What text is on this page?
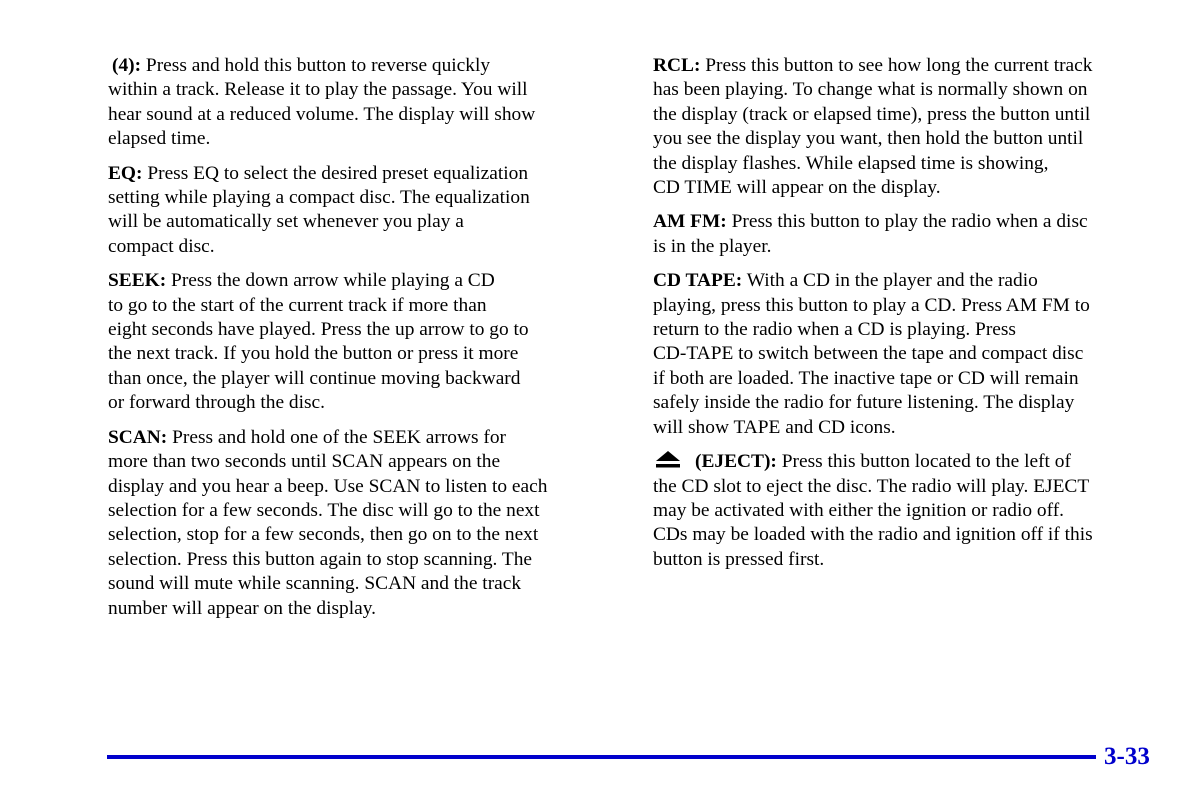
(4): Press and hold this button to reverse quickly
within a track. Release it to play the passage. You will
hear sound at a reduced volume. The display will show
elapsed time.

EQ: Press EQ to select the desired preset equalization
setting while playing a compact disc. The equalization
will be automatically set whenever you play a
compact disc.

SEEK: Press the down arrow while playing a CD
to go to the start of the current track if more than
eight seconds have played. Press the up arrow to go to
the next track. If you hold the button or press it more
than once, the player will continue moving backward
or forward through the disc.

SCAN: Press and hold one of the SEEK arrows for
more than two seconds until SCAN appears on the
display and you hear a beep. Use SCAN to listen to each
selection for a few seconds. The disc will go to the next
selection, stop for a few seconds, then go on to the next
selection. Press this button again to stop scanning. The
sound will mute while scanning. SCAN and the track
number will appear on the display.

RCL: Press this button to see how long the current track
has been playing. To change what is normally shown on
the display (track or elapsed time), press the button until
you see the display you want, then hold the button until
the display flashes. While elapsed time is showing,
CD TIME will appear on the display.

AM FM: Press this button to play the radio when a disc
is in the player.

CD TAPE: With a CD in the player and the radio
playing, press this button to play a CD. Press AM FM to
return to the radio when a CD is playing. Press
CD-TAPE to switch between the tape and compact disc
if both are loaded. The inactive tape or CD will remain
safely inside the radio for future listening. The display
will show TAPE and CD icons.

(EJECT): Press this button located to the left of
the CD slot to eject the disc. The radio will play. EJECT
may be activated with either the ignition or radio off.
CDs may be loaded with the radio and ignition off if this
button is pressed first.

3-33
